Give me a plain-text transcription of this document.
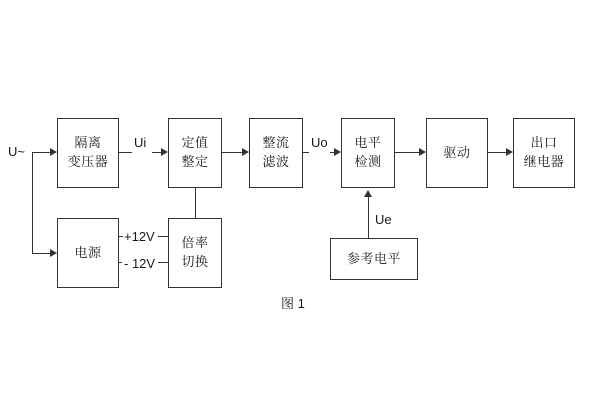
U~
Ui	Uo
Ue
+12V
- 12V
隔离
变压器
定值
整定
整流
滤波
电平
检测
驱动
出口
继电器
电源
倍率
切换	参考电平
图 1
